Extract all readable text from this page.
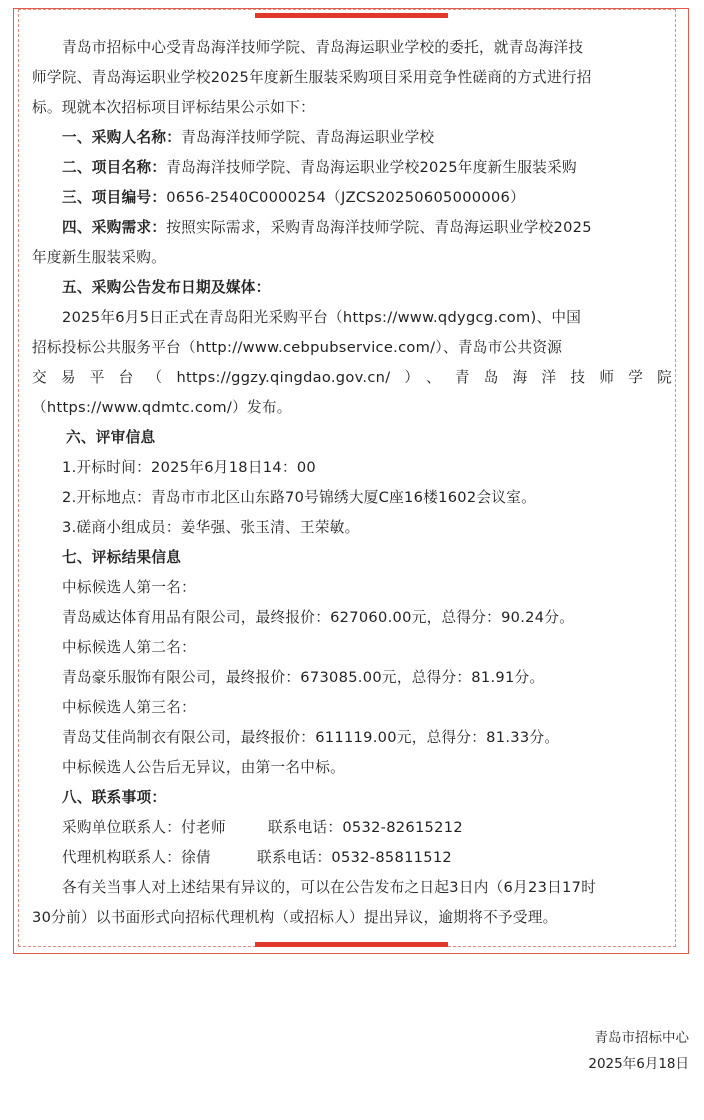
青岛市招标中心受青岛海洋技师学院、青岛海运职业学校的委托，就青岛海洋技
师学院、青岛海运职业学校2025年度新生服装采购项目采用竞争性磋商的方式进行招
标。现就本次招标项目评标结果公示如下：
一、采购人名称：青岛海洋技师学院、青岛海运职业学校
二、项目名称：青岛海洋技师学院、青岛海运职业学校2025年度新生服装采购
三、项目编号：0656-2540C0000254（JZCS20250605000006）
四、采购需求：按照实际需求，采购青岛海洋技师学院、青岛海运职业学校2025
年度新生服装采购。
五、采购公告发布日期及媒体：
2025年6月5日正式在青岛阳光采购平台（https://www.qdygcg.com)、中国
招标投标公共服务平台（http://www.cebpubservice.com/）、青岛市公共资源
交易平台（https://ggzy.qingdao.gov.cn/）、青岛海洋技师学院
（https://www.qdmtc.com/）发布。
六、评审信息
1.开标时间：2025年6月18日14：00
2.开标地点：青岛市市北区山东路70号锦绣大厦C座16楼1602会议室。
3.磋商小组成员：姜华强、张玉清、王荣敏。
七、评标结果信息
中标候选人第一名：
青岛威达体育用品有限公司，最终报价：627060.00元，总得分：90.24分。
中标候选人第二名：
青岛豪乐服饰有限公司，最终报价：673085.00元，总得分：81.91分。
中标候选人第三名：
青岛艾佳尚制衣有限公司，最终报价：611119.00元，总得分：81.33分。
中标候选人公告后无异议，由第一名中标。
八、联系事项：
采购单位联系人：付老师	联系电话：0532-82615212
代理机构联系人：徐倩	联系电话：0532-85811512
各有关当事人对上述结果有异议的，可以在公告发布之日起3日内（6月23日17时
30分前）以书面形式向招标代理机构（或招标人）提出异议，逾期将不予受理。
青岛市招标中心
2025年6月18日
